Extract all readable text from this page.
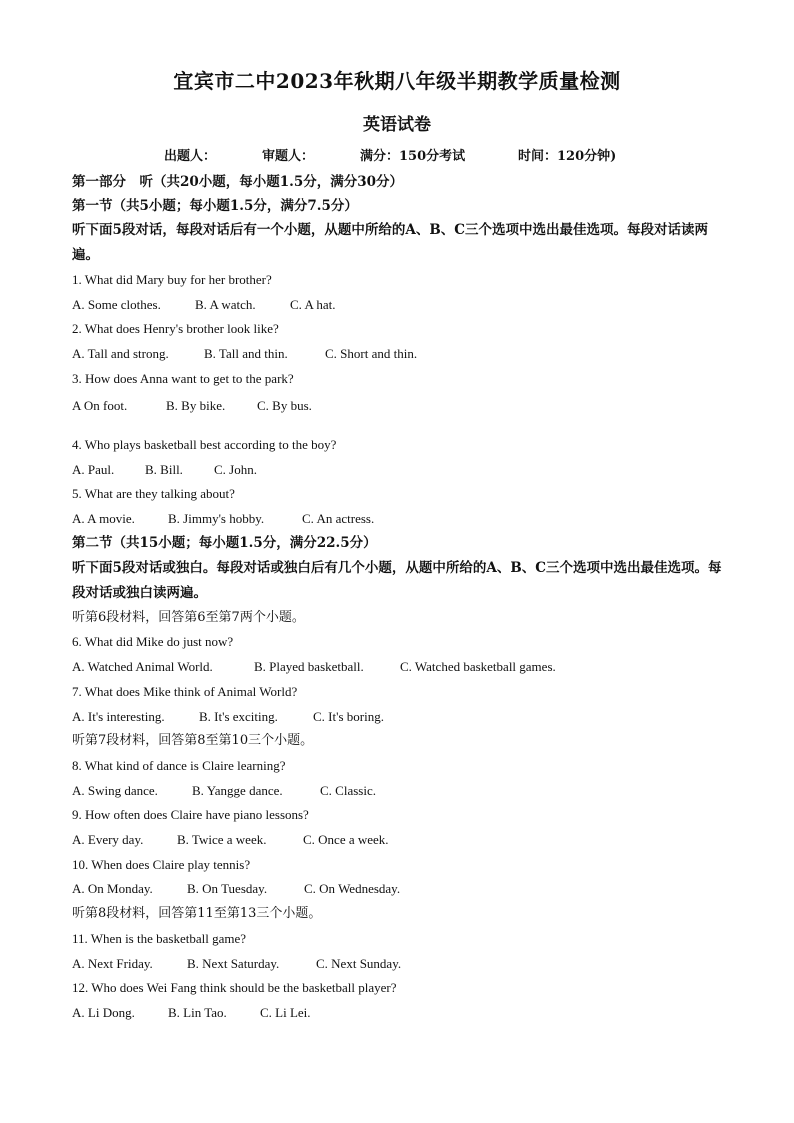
宜宾市二中2023年秋期八年级半期教学质量检测
英语试卷
出题人：	审题人：	满分：150分考试	时间：120分钟)
第一部分　听（共20小题，每小题1.5分，满分30分）
第一节（共5小题；每小题1.5分，满分7.5分）
听下面5段对话，每段对话后有一个小题，从题中所给的A、B、C三个选项中选出最佳选项。每段对话读两遍。
1. What did Mary buy for her brother?
A. Some clothes.	B. A watch.	C. A hat.
2. What does Henry's brother look like?
A. Tall and strong.	B. Tall and thin.	C. Short and thin.
3. How does Anna want to get to the park?
A On foot.	B. By bike. C. By bus.
4. Who plays basketball best according to the boy?
A. Paul. B. Bill. C. John.
5. What are they talking about?
A. A movie.	B. Jimmy's hobby.	C. An actress.
第二节（共15小题；每小题1.5分，满分22.5分）
听下面5段对话或独白。每段对话或独白后有几个小题，从题中所给的A、B、C三个选项中选出最佳选项。每段对话或独白读两遍。
听第6段材料，回答第6至第7两个小题。
6. What did Mike do just now?
A. Watched Animal World.	B. Played basketball.	C. Watched basketball games.
7. What does Mike think of Animal World?
A. It's interesting.	B. It's exciting.	C. It's boring.
听第7段材料，回答第8至第10三个小题。
8. What kind of dance is Claire learning?
A. Swing dance.	B. Yangge dance.	C. Classic.
9. How often does Claire have piano lessons?
A. Every day.	B. Twice a week.	C. Once a week.
10. When does Claire play tennis?
A. On Monday.	B. On Tuesday.	C. On Wednesday.
听第8段材料，回答第11至第13三个小题。
11. When is the basketball game?
A. Next Friday.	B. Next Saturday.	C. Next Sunday.
12. Who does Wei Fang think should be the basketball player?
A. Li Dong.	B. Lin Tao.	C. Li Lei.
